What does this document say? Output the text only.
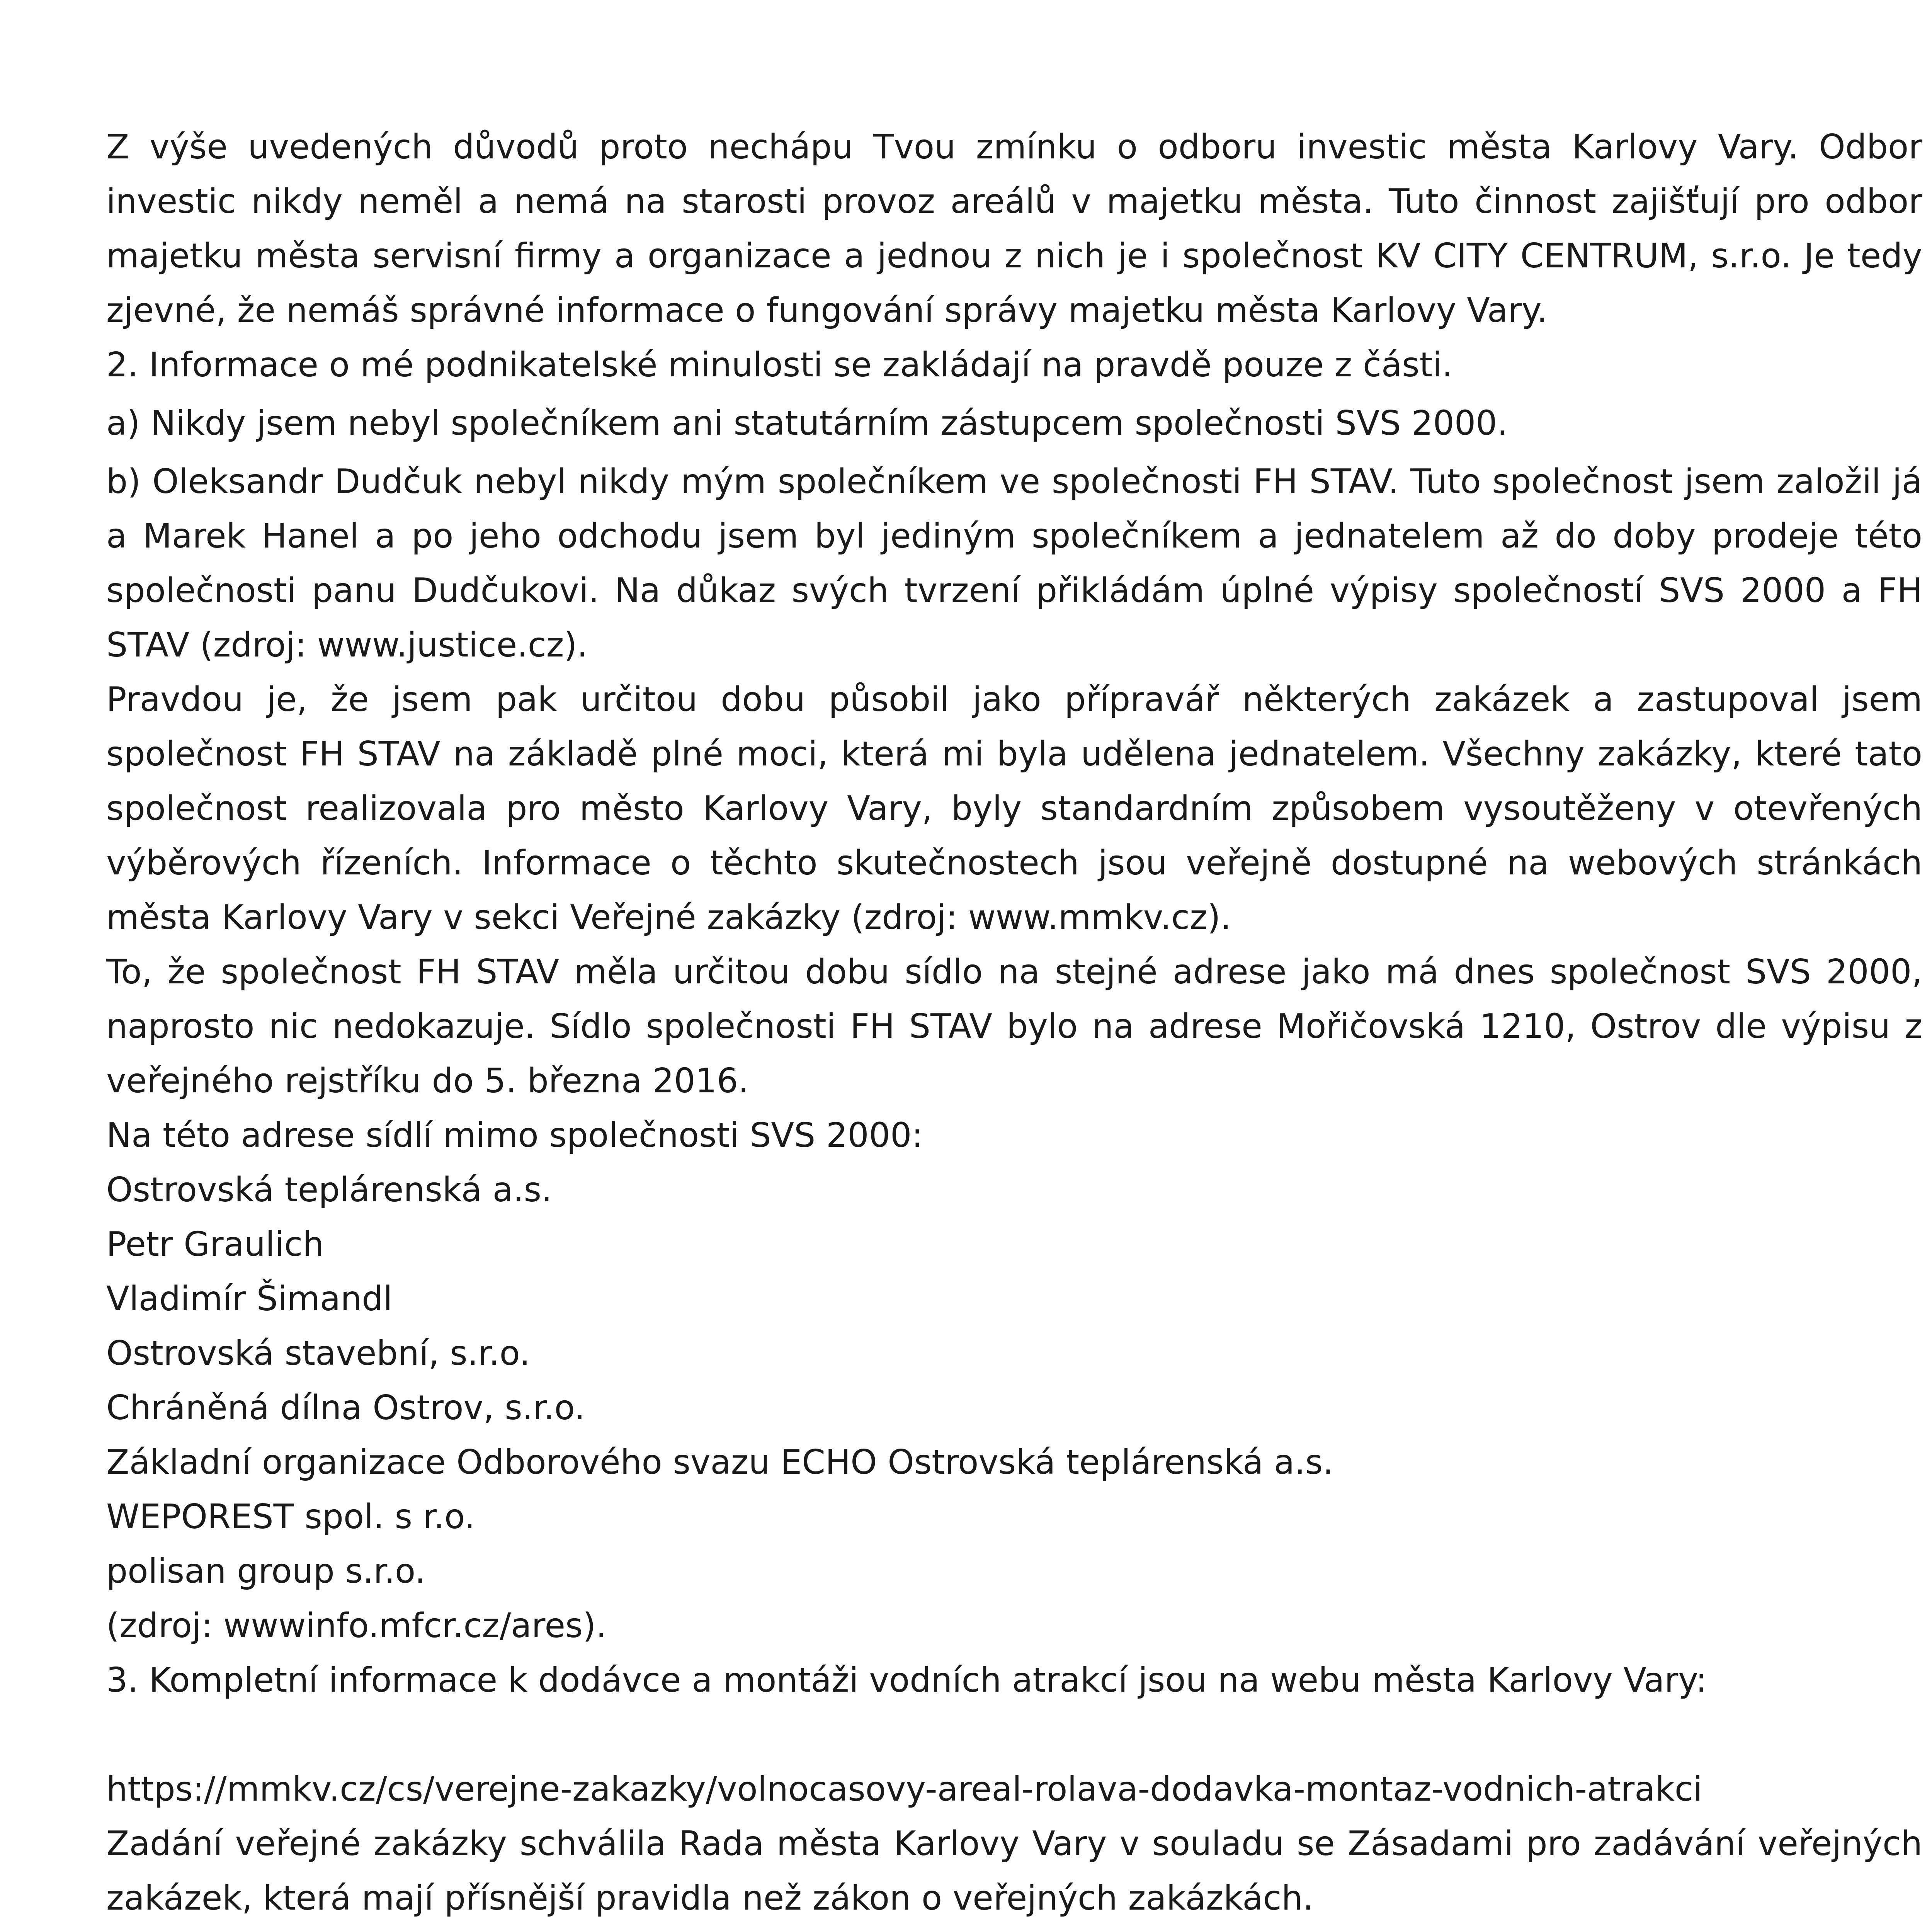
Z výše uvedených důvodů proto nechápu Tvou zmínku o odboru investic města Karlovy Vary. Odbor investic nikdy neměl a nemá na starosti provoz areálů v majetku města. Tuto činnost zajišťují pro odbor majetku města servisní firmy a organizace a jednou z nich je i společnost KV CITY CENTRUM, s.r.o. Je tedy zjevné, že nemáš správné informace o fungování správy majetku města Karlovy Vary.

2. Informace o mé podnikatelské minulosti se zakládají na pravdě pouze z části.

a) Nikdy jsem nebyl společníkem ani statutárním zástupcem společnosti SVS 2000.

b) Oleksandr Dudčuk nebyl nikdy mým společníkem ve společnosti FH STAV. Tuto společnost jsem založil já a Marek Hanel a po jeho odchodu jsem byl jediným společníkem a jednatelem až do doby prodeje této společnosti panu Dudčukovi. Na důkaz svých tvrzení přikládám úplné výpisy společností SVS 2000 a FH STAV (zdroj: www.justice.cz).

Pravdou je, že jsem pak určitou dobu působil jako přípravář některých zakázek a zastupoval jsem společnost FH STAV na základě plné moci, která mi byla udělena jednatelem. Všechny zakázky, které tato společnost realizovala pro město Karlovy Vary, byly standardním způsobem vysoutěženy v otevřených výběrových řízeních. Informace o těchto skutečnostech jsou veřejně dostupné na webových stránkách města Karlovy Vary v sekci Veřejné zakázky (zdroj: www.mmkv.cz).

To, že společnost FH STAV měla určitou dobu sídlo na stejné adrese jako má dnes společnost SVS 2000, naprosto nic nedokazuje. Sídlo společnosti FH STAV bylo na adrese Mořičovská 1210, Ostrov dle výpisu z veřejného rejstříku do 5. března 2016.

Na této adrese sídlí mimo společnosti SVS 2000:

Ostrovská teplárenská a.s.

Petr Graulich

Vladimír Šimandl

Ostrovská stavební, s.r.o.

Chráněná dílna Ostrov, s.r.o.

Základní organizace Odborového svazu ECHO Ostrovská teplárenská a.s.

WEPOREST spol. s r.o.

polisan group s.r.o.

(zdroj: wwwinfo.mfcr.cz/ares).

3. Kompletní informace k dodávce a montáži vodních atrakcí jsou na webu města Karlovy Vary:

https://mmkv.cz/cs/verejne-zakazky/volnocasovy-areal-rolava-dodavka-montaz-vodnich-atrakci

Zadání veřejné zakázky schválila Rada města Karlovy Vary v souladu se Zásadami pro zadávání veřejných zakázek, která mají přísnější pravidla než zákon o veřejných zakázkách.
